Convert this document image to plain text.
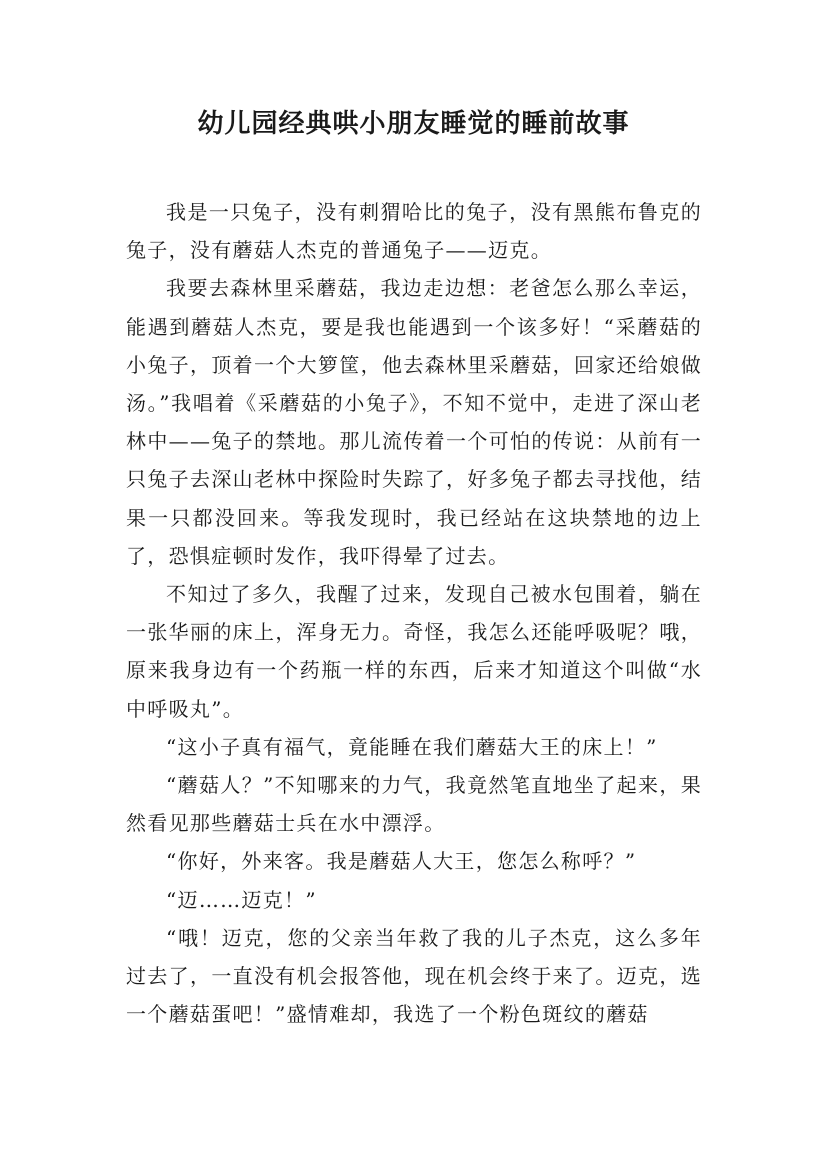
幼儿园经典哄小朋友睡觉的睡前故事

我是一只兔子，没有刺猬哈比的兔子，没有黑熊布鲁克的兔子，没有蘑菇人杰克的普通兔子——迈克。

我要去森林里采蘑菇，我边走边想：老爸怎么那么幸运，能遇到蘑菇人杰克，要是我也能遇到一个该多好！“采蘑菇的小兔子，顶着一个大箩筐，他去森林里采蘑菇，回家还给娘做汤。”我唱着《采蘑菇的小兔子》，不知不觉中，走进了深山老林中——兔子的禁地。那儿流传着一个可怕的传说：从前有一只兔子去深山老林中探险时失踪了，好多兔子都去寻找他，结果一只都没回来。等我发现时，我已经站在这块禁地的边上了，恐惧症顿时发作，我吓得晕了过去。

不知过了多久，我醒了过来，发现自己被水包围着，躺在一张华丽的床上，浑身无力。奇怪，我怎么还能呼吸呢？哦，原来我身边有一个药瓶一样的东西，后来才知道这个叫做“水中呼吸丸”。

“这小子真有福气，竟能睡在我们蘑菇大王的床上！”

“蘑菇人？”不知哪来的力气，我竟然笔直地坐了起来，果然看见那些蘑菇士兵在水中漂浮。

“你好，外来客。我是蘑菇人大王，您怎么称呼？”

“迈……迈克！”

“哦！迈克，您的父亲当年救了我的儿子杰克，这么多年过去了，一直没有机会报答他，现在机会终于来了。迈克，选一个蘑菇蛋吧！”盛情难却，我选了一个粉色斑纹的蘑菇
